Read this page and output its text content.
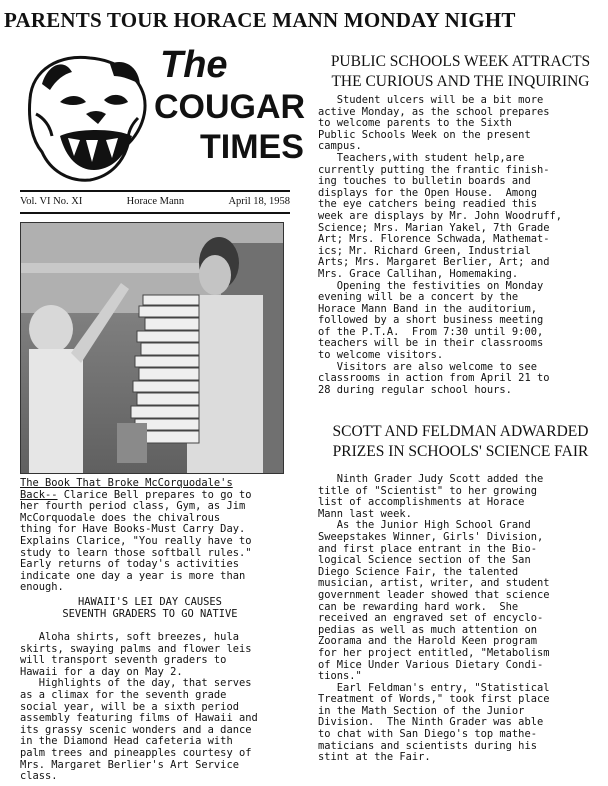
PARENTS TOUR HORACE MANN MONDAY NIGHT
The
COUGAR
TIMES
Vol. VI No. XI	Horace Mann	April 18, 1958
The Book That Broke McCorquodale's
Back-- Clarice Bell prepares to go to
her fourth period class, Gym, as Jim
McCorquodale does the chivalrous
thing for Have Books-Must Carry Day.
Explains Clarice, "You really have to
study to learn those softball rules."
Early returns of today's activities
indicate one day a year is more than
enough.
HAWAII'S LEI DAY CAUSES
SEVENTH GRADERS TO GO NATIVE
Aloha shirts, soft breezes, hula
skirts, swaying palms and flower leis
will transport seventh graders to
Hawaii for a day on May 2.
Highlights of the day, that serves
as a climax for the seventh grade
social year, will be a sixth period
assembly featuring films of Hawaii and
its grassy scenic wonders and a dance
in the Diamond Head cafeteria with
palm trees and pineapples courtesy of
Mrs. Margaret Berlier's Art Service
class.
PUBLIC SCHOOLS WEEK ATTRACTS
THE CURIOUS AND THE INQUIRING
Student ulcers will be a bit more
active Monday, as the school prepares
to welcome parents to the Sixth
Public Schools Week on the present
campus.
Teachers,with student help,are
currently putting the frantic finish-
ing touches to bulletin boards and
displays for the Open House.  Among
the eye catchers being readied this
week are displays by Mr. John Woodruff,
Science; Mrs. Marian Yakel, 7th Grade
Art; Mrs. Florence Schwada, Mathemat-
ics; Mr. Richard Green, Industrial
Arts; Mrs. Margaret Berlier, Art; and
Mrs. Grace Callihan, Homemaking.
Opening the festivities on Monday
evening will be a concert by the
Horace Mann Band in the auditorium,
followed by a short business meeting
of the P.T.A.  From 7:30 until 9:00,
teachers will be in their classrooms
to welcome visitors.
Visitors are also welcome to see
classrooms in action from April 21 to
28 during regular school hours.
SCOTT AND FELDMAN ADWARDED
PRIZES IN SCHOOLS' SCIENCE FAIR
Ninth Grader Judy Scott added the
title of "Scientist" to her growing
list of accomplishments at Horace
Mann last week.
As the Junior High School Grand
Sweepstakes Winner, Girls' Division,
and first place entrant in the Bio-
logical Science section of the San
Diego Science Fair, the talented
musician, artist, writer, and student
government leader showed that science
can be rewarding hard work.  She
received an engraved set of encyclo-
pedias as well as much attention on
Zoorama and the Harold Keen program
for her project entitled, "Metabolism
of Mice Under Various Dietary Condi-
tions."
Earl Feldman's entry, "Statistical
Treatment of Words," took first place
in the Math Section of the Junior
Division.  The Ninth Grader was able
to chat with San Diego's top mathe-
maticians and scientists during his
stint at the Fair.
